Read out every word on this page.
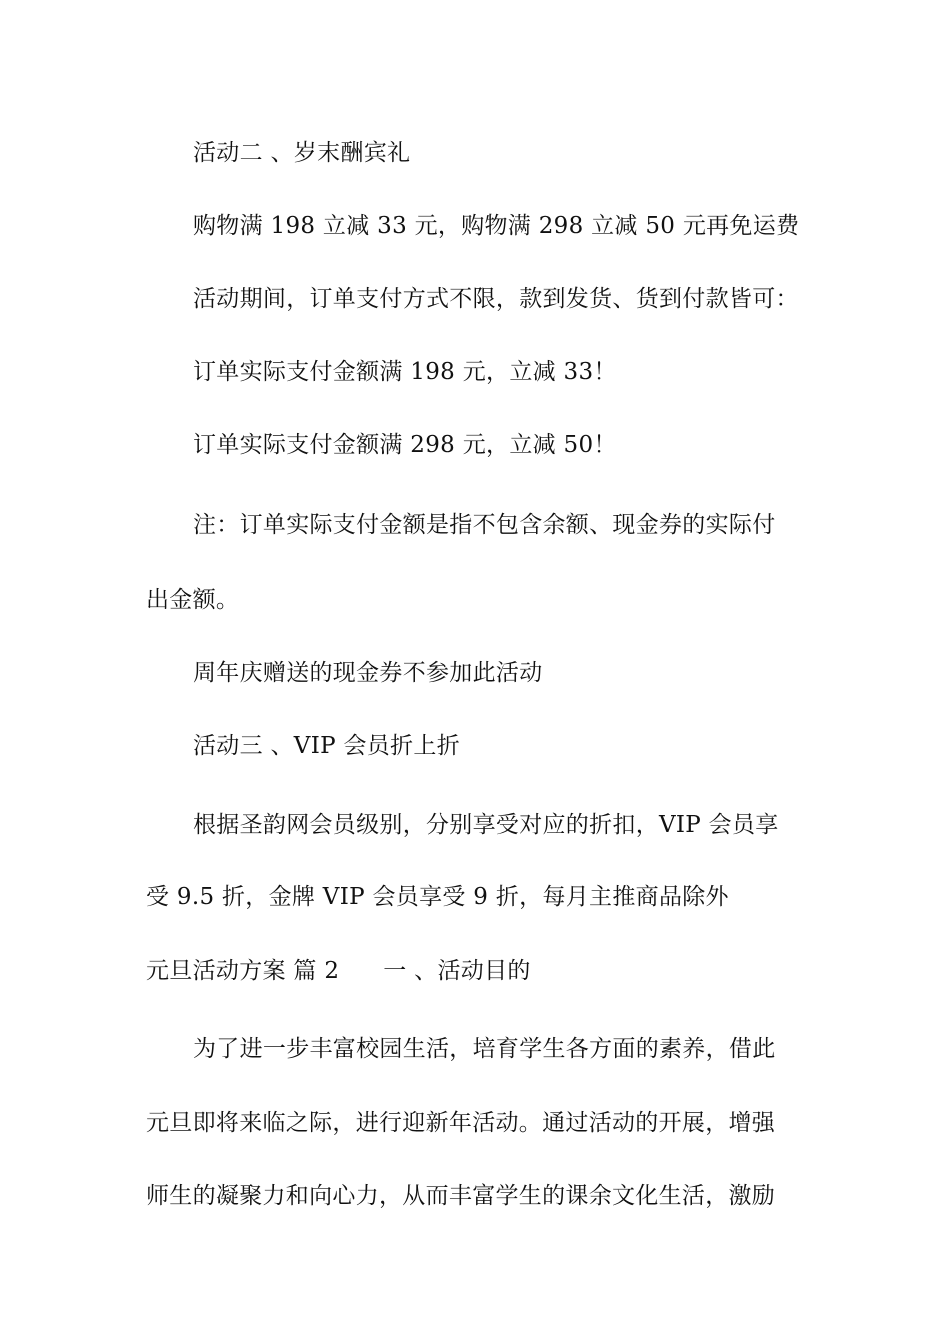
活动二 、岁末酬宾礼
购物满 198 立减 33 元，购物满 298 立减 50 元再免运费
活动期间，订单支付方式不限，款到发货、货到付款皆可：
订单实际支付金额满 198 元，立减 33！
订单实际支付金额满 298 元，立减 50！
注：订单实际支付金额是指不包含余额、现金券的实际付
出金额。
周年庆赠送的现金券不参加此活动
活动三 、VIP 会员折上折
根据圣韵网会员级别，分别享受对应的折扣，VIP 会员享
受 9.5 折，金牌 VIP 会员享受 9 折，每月主推商品除外
元旦活动方案 篇 2 一 、活动目的
为了进一步丰富校园生活，培育学生各方面的素养，借此
元旦即将来临之际，进行迎新年活动。通过活动的开展，增强
师生的凝聚力和向心力，从而丰富学生的课余文化生活，激励
